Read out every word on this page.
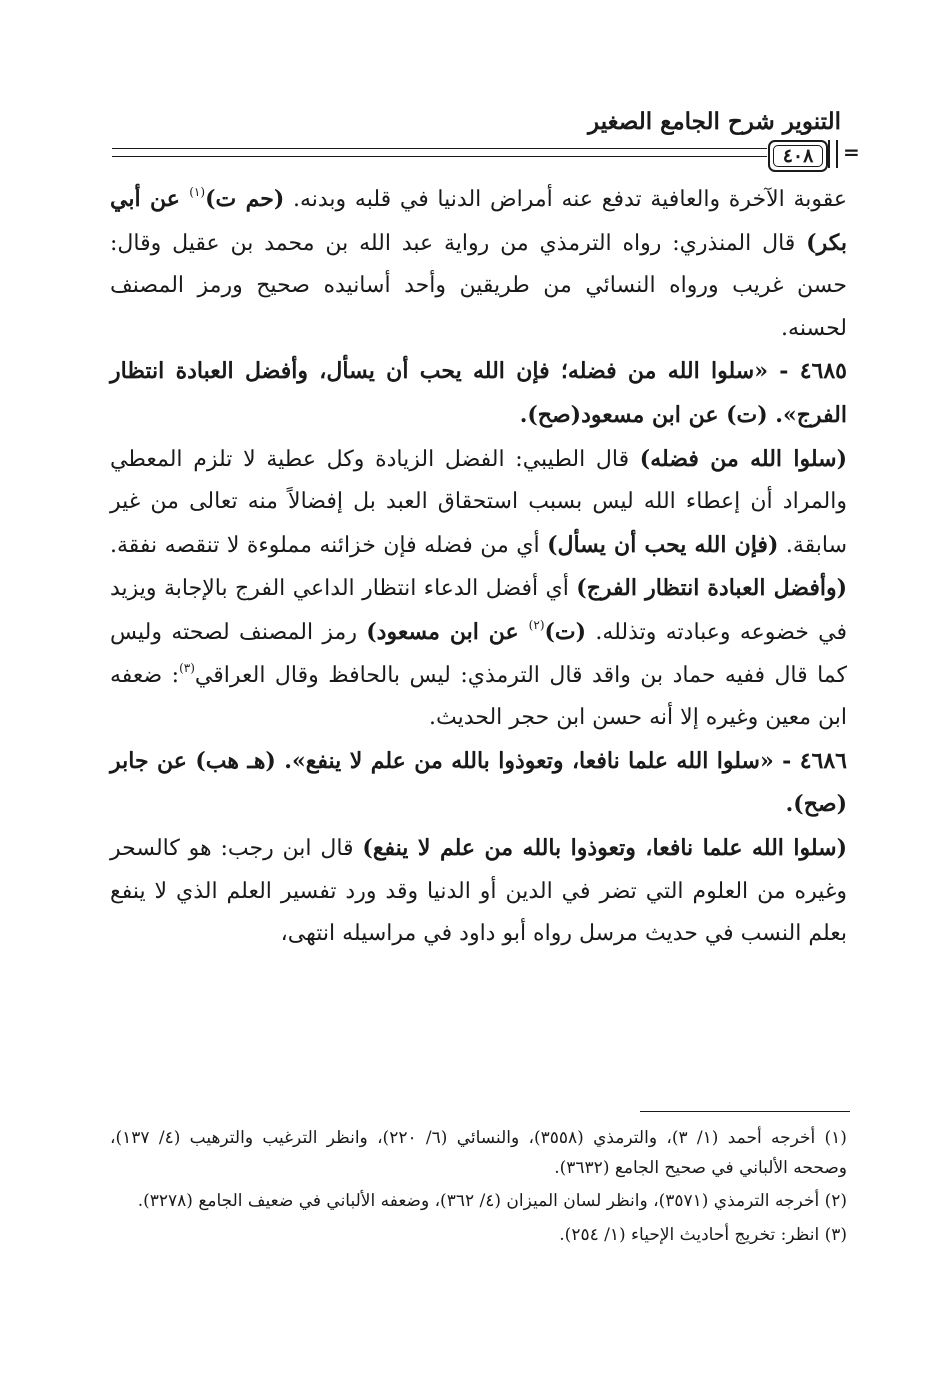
التنوير شرح الجامع الصغير
=
٤٠٨

عقوبة الآخرة والعافية تدفع عنه أمراض الدنيا في قلبه وبدنه. (حم ت)$^{(١)}$ عن أبي بكر) قال المنذري: رواه الترمذي من رواية عبد الله بن محمد بن عقيل وقال: حسن غريب ورواه النسائي من طريقين وأحد أسانيده صحيح ورمز المصنف لحسنه.

٤٦٨٥ - «سلوا الله من فضله؛ فإن الله يحب أن يسأل، وأفضل العبادة انتظار الفرج». (ت) عن ابن مسعود(صح).

(سلوا الله من فضله) قال الطيبي: الفضل الزيادة وكل عطية لا تلزم المعطي والمراد أن إعطاء الله ليس بسبب استحقاق العبد بل إفضالاً منه تعالى من غير سابقة. (فإن الله يحب أن يسأل) أي من فضله فإن خزائنه مملوءة لا تنقصه نفقة. (وأفضل العبادة انتظار الفرج) أي أفضل الدعاء انتظار الداعي الفرج بالإجابة ويزيد في خضوعه وعبادته وتذلله. (ت)$^{(٢)}$ عن ابن مسعود) رمز المصنف لصحته وليس كما قال ففيه حماد بن واقد قال الترمذي: ليس بالحافظ وقال العراقي$^{(٣)}$: ضعفه ابن معين وغيره إلا أنه حسن ابن حجر الحديث.

٤٦٨٦ - «سلوا الله علما نافعا، وتعوذوا بالله من علم لا ينفع». (هـ هب) عن جابر (صح).

(سلوا الله علما نافعا، وتعوذوا بالله من علم لا ينفع) قال ابن رجب: هو كالسحر وغيره من العلوم التي تضر في الدين أو الدنيا وقد ورد تفسير العلم الذي لا ينفع بعلم النسب في حديث مرسل رواه أبو داود في مراسيله انتهى،

(١) أخرجه أحمد (١/ ٣)، والترمذي (٣٥٥٨)، والنسائي (٦/ ٢٢٠)، وانظر الترغيب والترهيب (٤/ ١٣٧)، وصححه الألباني في صحيح الجامع (٣٦٣٢).

(٢) أخرجه الترمذي (٣٥٧١)، وانظر لسان الميزان (٤/ ٣٦٢)، وضعفه الألباني في ضعيف الجامع (٣٢٧٨).

(٣) انظر: تخريج أحاديث الإحياء (١/ ٢٥٤).
